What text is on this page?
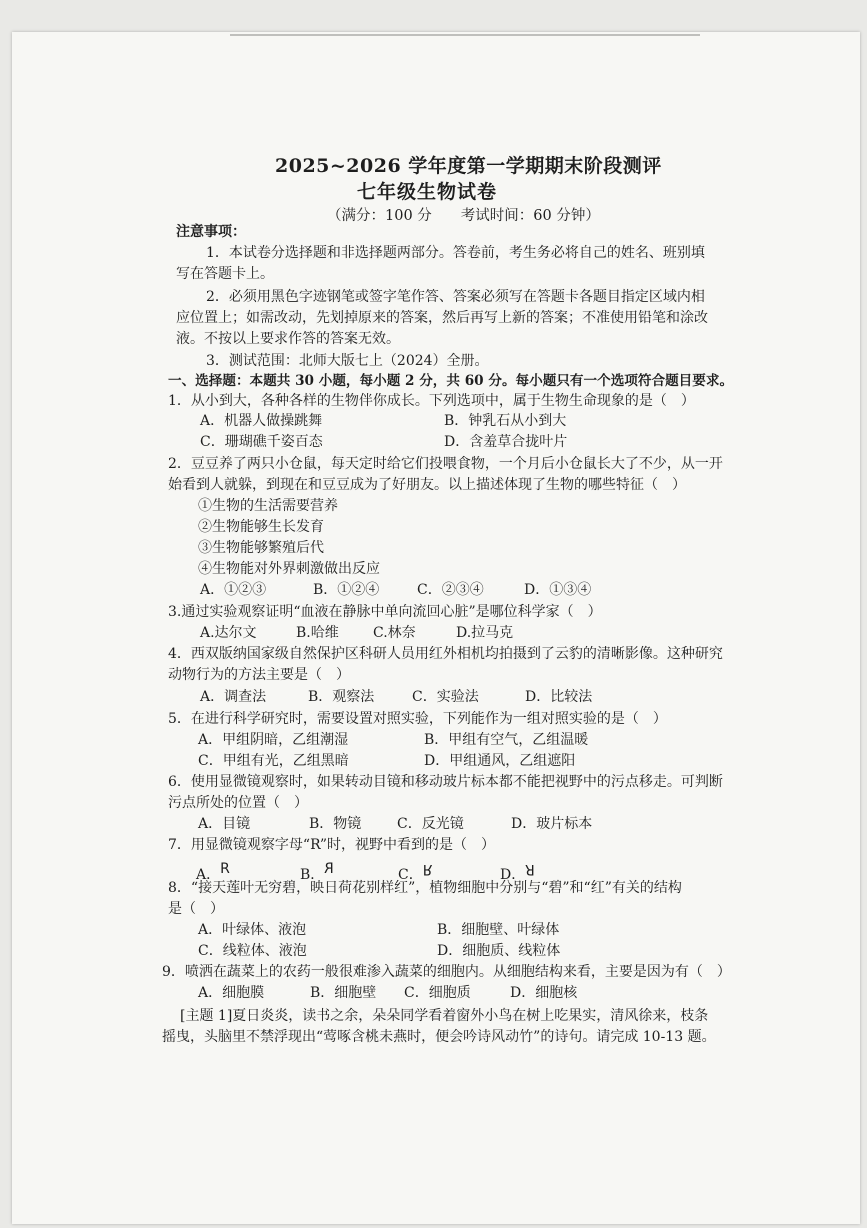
2025~2026 学年度第一学期期末阶段测评
七年级生物试卷
（满分：100 分　　考试时间：60 分钟）
注意事项：
1．本试卷分选择题和非选择题两部分。答卷前，考生务必将自己的姓名、班别填
写在答题卡上。
2．必须用黑色字迹钢笔或签字笔作答、答案必须写在答题卡各题目指定区域内相
应位置上；如需改动，先划掉原来的答案，然后再写上新的答案；不准使用铅笔和涂改
液。不按以上要求作答的答案无效。
3．测试范围：北师大版七上（2024）全册。
一、选择题：本题共 30 小题，每小题 2 分，共 60 分。每小题只有一个选项符合题目要求。
1．从小到大，各种各样的生物伴你成长。下列选项中，属于生物生命现象的是（　）
A．机器人做操跳舞	B．钟乳石从小到大
C．珊瑚礁千姿百态	D．含羞草合拢叶片
2．豆豆养了两只小仓鼠，每天定时给它们投喂食物，一个月后小仓鼠长大了不少，从一开
始看到人就躲，到现在和豆豆成为了好朋友。以上描述体现了生物的哪些特征（　）
①生物的生活需要营养
②生物能够生长发育
③生物能够繁殖后代
④生物能对外界刺激做出反应
A．①②③	B．①②④	C．②③④	D．①③④
3.通过实验观察证明“血液在静脉中单向流回心脏”是哪位科学家（　）
A.达尔文	B.哈维 C.林奈	D.拉马克
4．西双版纳国家级自然保护区科研人员用红外相机均拍摄到了云豹的清晰影像。这种研究
动物行为的方法主要是（　）
A．调查法	B．观察法	C．实验法	D．比较法
5．在进行科学研究时，需要设置对照实验，下列能作为一组对照实验的是（　）
A．甲组阴暗，乙组潮湿	B．甲组有空气，乙组温暖
C．甲组有光，乙组黑暗	D．甲组通风，乙组遮阳
6．使用显微镜观察时，如果转动目镜和移动玻片标本都不能把视野中的污点移走。可判断
污点所处的位置（　）
A．目镜	B．物镜	C．反光镜	D．玻片标本
7．用显微镜观察字母“R”时，视野中看到的是（　）
A．R	B．R	C．R	D．R
8．“接天莲叶无穷碧，映日荷花别样红”，植物细胞中分别与“碧”和“红”有关的结构
是（　）
A．叶绿体、液泡	B．细胞壁、叶绿体
C．线粒体、液泡	D．细胞质、线粒体
9．喷洒在蔬菜上的农药一般很难渗入蔬菜的细胞内。从细胞结构来看，主要是因为有（　）
A．细胞膜	B．细胞壁 C．细胞质	D．细胞核
[主题 1]夏日炎炎，读书之余，朵朵同学看着窗外小鸟在树上吃果实，清风徐来，枝条
摇曳，头脑里不禁浮现出“莺啄含桃未燕时，便会吟诗风动竹”的诗句。请完成 10-13 题。
